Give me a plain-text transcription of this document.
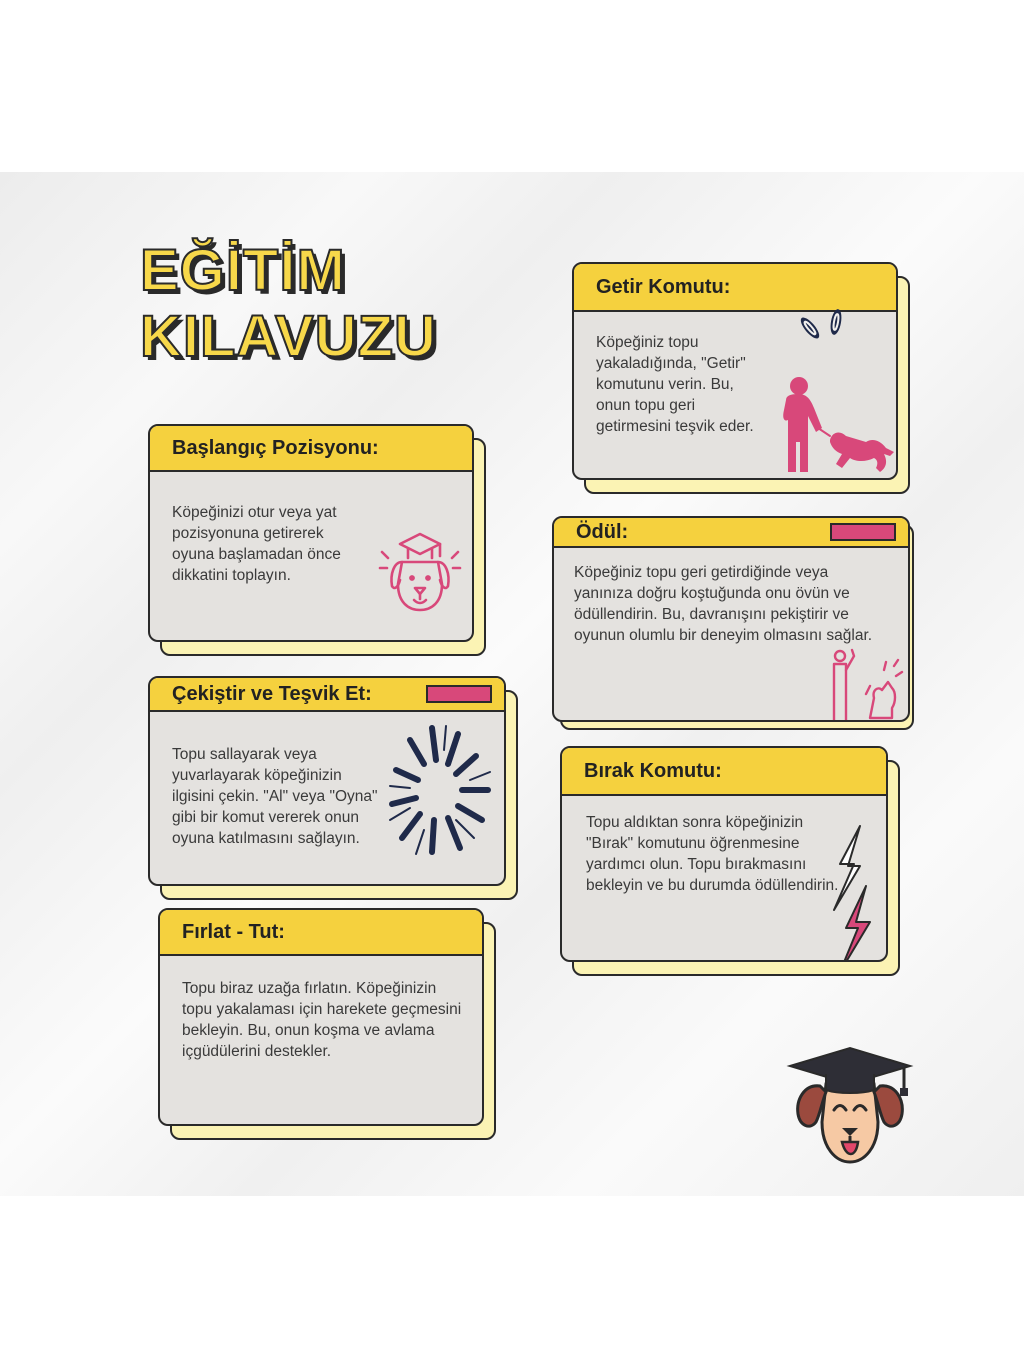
EĞİTİM
KILAVUZU
Başlangıç Pozisyonu:
Köpeğinizi otur veya yat pozisyonuna getirerek oyuna başlamadan önce dikkatini toplayın.
Çekiştir ve Teşvik Et:
Topu sallayarak veya yuvarlayarak köpeğinizin ilgisini çekin. "Al" veya "Oyna" gibi bir komut vererek onun oyuna katılmasını sağlayın.
Fırlat - Tut:
Topu biraz uzağa fırlatın. Köpeğinizin topu yakalaması için harekete geçmesini bekleyin. Bu, onun koşma ve avlama içgüdülerini destekler.
Getir Komutu:
Köpeğiniz topu yakaladığında, "Getir" komutunu verin. Bu, onun topu geri getirmesini teşvik eder.
Ödül:
Köpeğiniz topu geri getirdiğinde veya yanınıza doğru koştuğunda onu övün ve ödüllendirin. Bu, davranışını pekiştirir ve oyunun olumlu bir deneyim olmasını sağlar.
Bırak Komutu:
Topu aldıktan sonra köpeğinizin "Bırak" komutunu öğrenmesine yardımcı olun. Topu bırakmasını bekleyin ve bu durumda ödüllendirin.
